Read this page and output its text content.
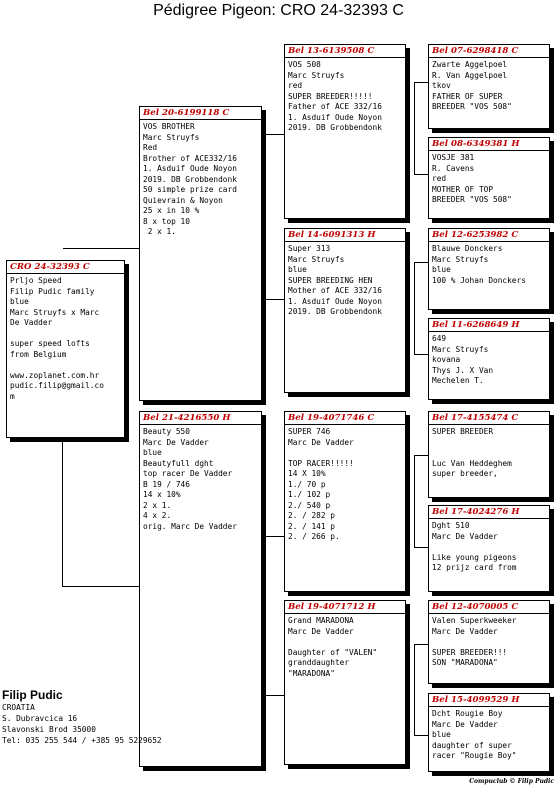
Pédigree Pigeon: CRO 24-32393 C
CRO 24-32393 C
Prljo Speed
Filip Pudic family
blue
Marc Struyfs x Marc
De Vadder
super speed lofts
from Belgium
www.zoplanet.com.hr
pudic.filip@gmail.co
m
Bel 20-6199118 C
VOS BROTHER
Marc Struyfs
Red
Brother of ACE332/16
1. Asduif Oude Noyon
2019. DB Grobbendonk
50 simple prize card
Quievrain & Noyon
25 x in 10 %
8 x top 10
2 x 1.
Bel 21-4216550 H
Beauty 550
Marc De Vadder
blue
Beautyfull dght
top racer De Vadder
B 19 / 746
14 x 10%
2 x 1.
4 x 2.
orig. Marc De Vadder
Bel 13-6139508 C
VOS 508
Marc Struyfs
red
SUPER BREEDER!!!!!
Father of ACE 332/16
1. Asduif Oude Noyon
2019. DB Grobbendonk
Bel 14-6091313 H
Super 313
Marc Struyfs
blue
SUPER BREEDING HEN
Mother of ACE 332/16
1. Asduif Oude Noyon
2019. DB Grobbendonk
Bel 19-4071746 C
SUPER 746
Marc De Vadder
TOP RACER!!!!!
14 X 10%
1./ 70 p
1./ 102 p
2./ 540 p
2. / 282 p
2. / 141 p
2. / 266 p.
Bel 19-4071712 H
Grand MARADONA
Marc De Vadder
Daughter of "VALEN"
granddaughter
"MARADONA"
Bel 07-6298418 C
Zwarte Aggelpoel
R. Van Aggelpoel
tkov
FATHER OF SUPER
BREEDER "VOS 508"
Bel 08-6349381 H
VOSJE 381
R. Cavens
red
MOTHER OF TOP
BREEDER "VOS 508"
Bel 12-6253982 C
Blauwe Donckers
Marc Struyfs
blue
100 % Johan Donckers
Bel 11-6268649 H
649
Marc Struyfs
kovana
Thys J. X Van
Mechelen T.
Bel 17-4155474 C
SUPER BREEDER
Luc Van Heddeghem
super breeder,
Bel 17-4024276 H
Dght 510
Marc De Vadder
Like young pigeons
12 prijz card from
Bel 12-4070005 C
Valen Superkweeker
Marc De Vadder
SUPER BREEDER!!!
SON "MARADONA"
Bel 15-4099529 H
Dcht Rougie Boy
Marc De Vadder
blue
daughter of super
racer "Rougie Boy"
Filip Pudic
CROATIA
S. Dubravcica 16
Slavonski Brod 35000
Tel: 035 255 544 / +385 95 5229652
Compuclub © Filip Pudic
